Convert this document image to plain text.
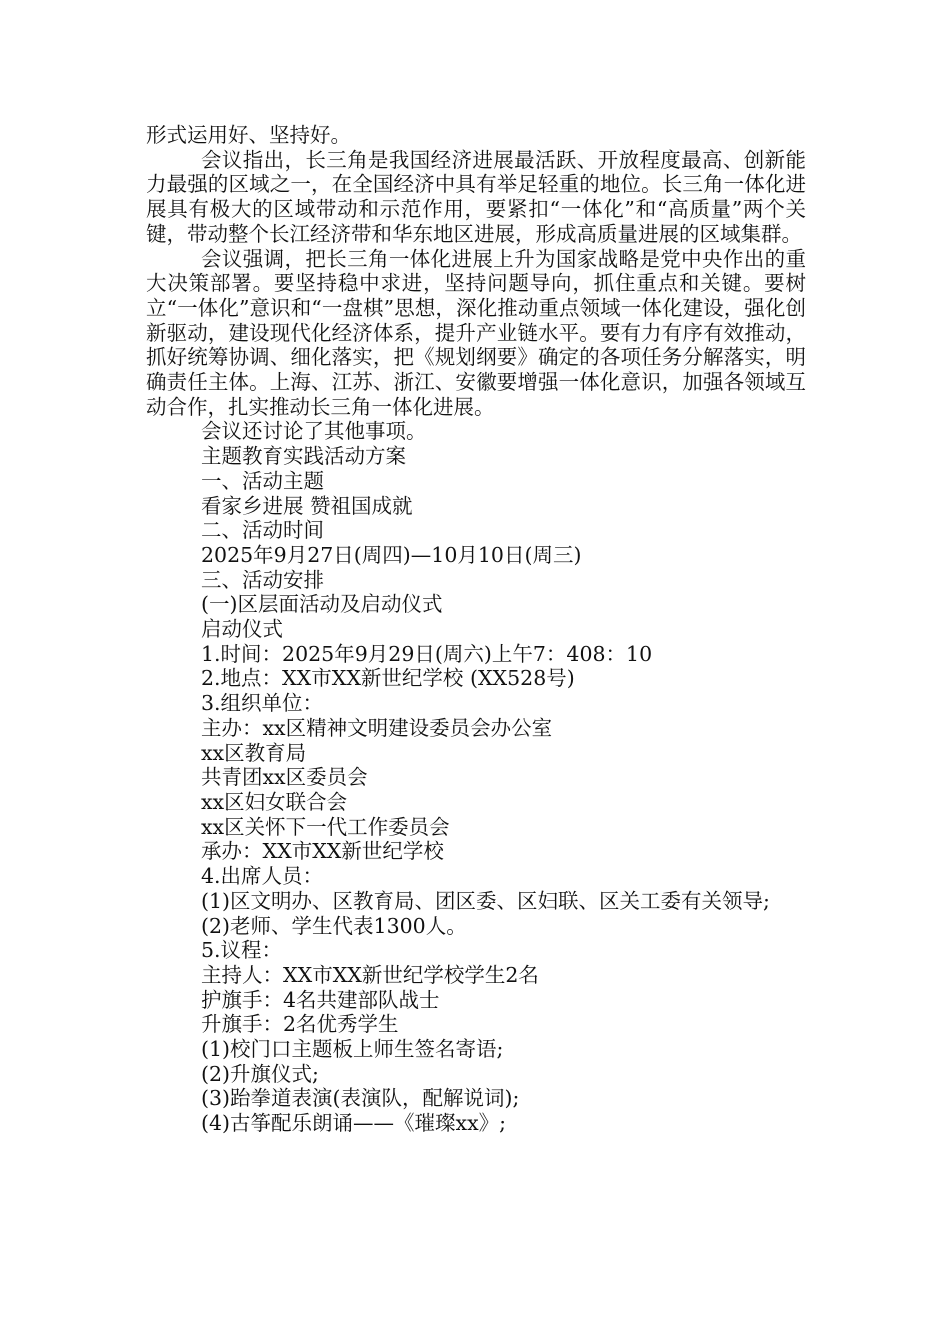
形式运用好、坚持好。

会议指出，长三角是我国经济进展最活跃、开放程度最高、创新能力最强的区域之一，在全国经济中具有举足轻重的地位。长三角一体化进展具有极大的区域带动和示范作用，要紧扣“一体化”和“高质量”两个关键，带动整个长江经济带和华东地区进展，形成高质量进展的区域集群。

会议强调，把长三角一体化进展上升为国家战略是党中央作出的重大决策部署。要坚持稳中求进，坚持问题导向，抓住重点和关键。要树立“一体化”意识和“一盘棋”思想，深化推动重点领域一体化建设，强化创新驱动，建设现代化经济体系，提升产业链水平。要有力有序有效推动，抓好统筹协调、细化落实，把《规划纲要》确定的各项任务分解落实，明确责任主体。上海、江苏、浙江、安徽要增强一体化意识，加强各领域互动合作，扎实推动长三角一体化进展。

会议还讨论了其他事项。

主题教育实践活动方案

一、活动主题

看家乡进展 赞祖国成就

二、活动时间

2025年9月27日(周四)—10月10日(周三)

三、活动安排

(一)区层面活动及启动仪式

启动仪式

1.时间：2025年9月29日(周六)上午7：408：10

2.地点：XX市XX新世纪学校 (XX528号)

3.组织单位：

主办：xx区精神文明建设委员会办公室

xx区教育局

共青团xx区委员会

xx区妇女联合会

xx区关怀下一代工作委员会

承办：XX市XX新世纪学校

4.出席人员：

(1)区文明办、区教育局、团区委、区妇联、区关工委有关领导;

(2)老师、学生代表1300人。

5.议程：

主持人：XX市XX新世纪学校学生2名

护旗手：4名共建部队战士

升旗手：2名优秀学生

(1)校门口主题板上师生签名寄语;

(2)升旗仪式;

(3)跆拳道表演(表演队，配解说词);

(4)古筝配乐朗诵——《璀璨xx》;
